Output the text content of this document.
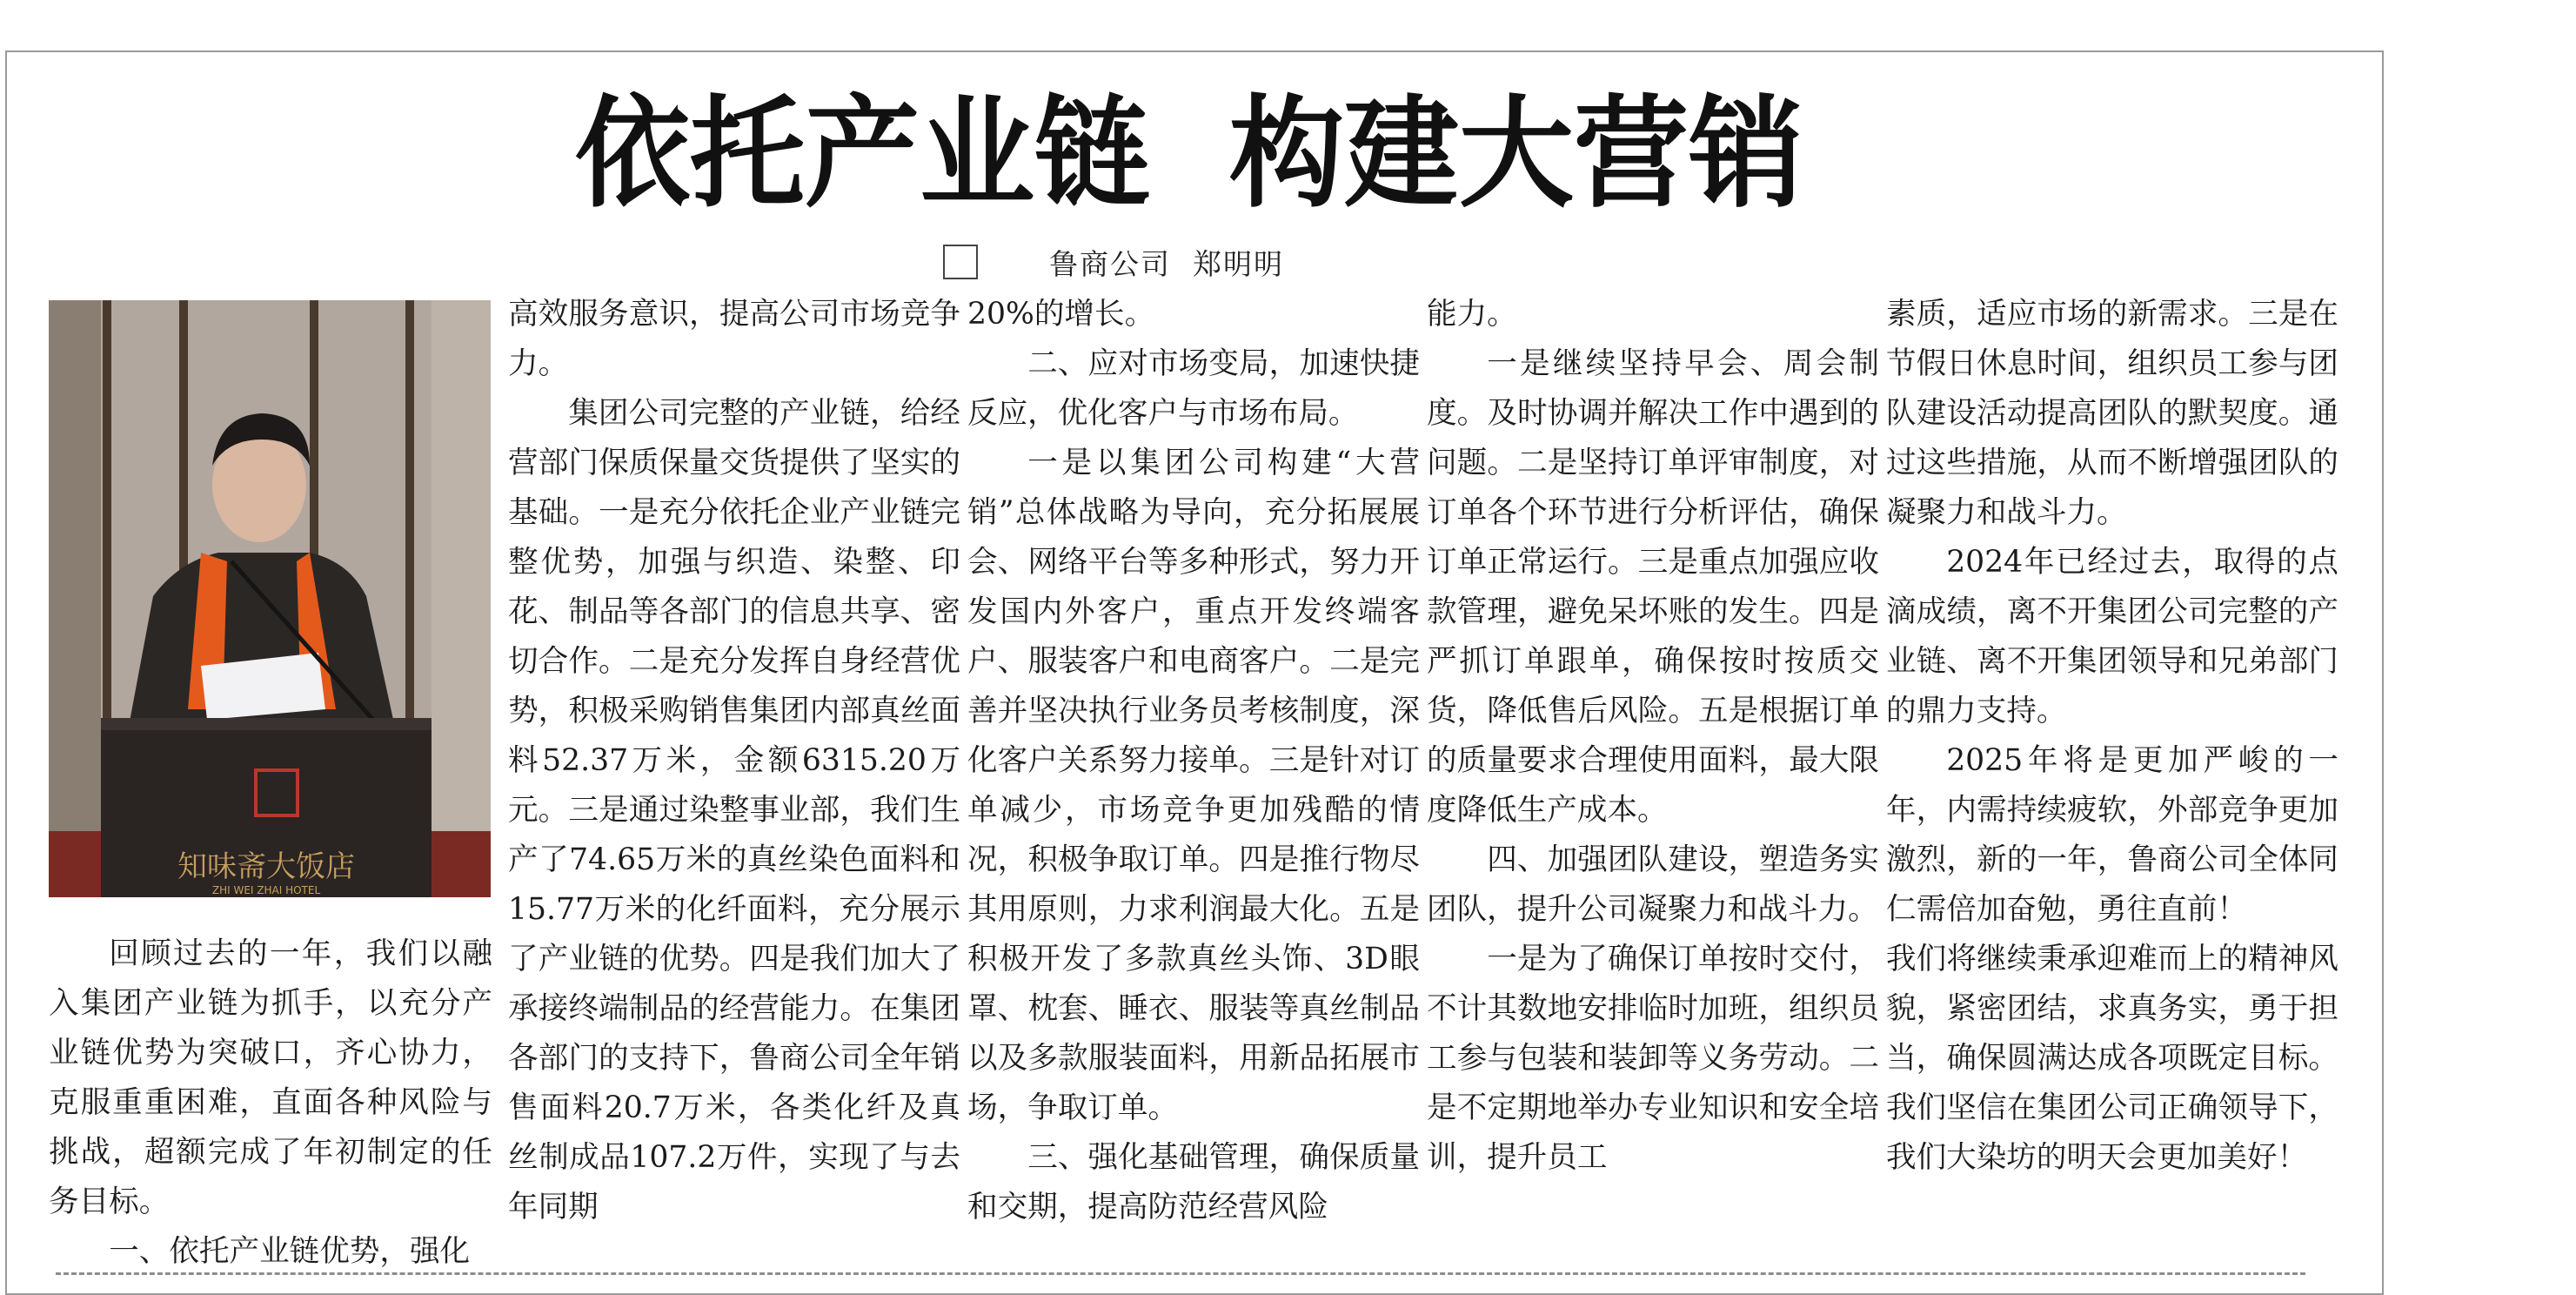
依托产业链  构建大营销
鲁商公司  郑明明
知味斋大饭店
ZHI WEI ZHAI HOTEL

回顾过去的一年，我们以融入集团产业链为抓手，以充分产业链优势为突破口，齐心协力，克服重重困难，直面各种风险与挑战，超额完成了年初制定的任务目标。

一、依托产业链优势，强化

高效服务意识，提高公司市场竞争力。

集团公司完整的产业链，给经营部门保质保量交货提供了坚实的基础。一是充分依托企业产业链完整优势，加强与织造、染整、印花、制品等各部门的信息共享、密切合作。二是充分发挥自身经营优势，积极采购销售集团内部真丝面料52.37万米，金额6315.20万元。三是通过染整事业部，我们生产了74.65万米的真丝染色面料和15.77万米的化纤面料，充分展示了产业链的优势。四是我们加大了承接终端制品的经营能力。在集团各部门的支持下，鲁商公司全年销售面料20.7万米，各类化纤及真丝制成品107.2万件，实现了与去年同期

20%的增长。

二、应对市场变局，加速快捷反应，优化客户与市场布局。

一是以集团公司构建“大营销”总体战略为导向，充分拓展展会、网络平台等多种形式，努力开发国内外客户，重点开发终端客户、服装客户和电商客户。二是完善并坚决执行业务员考核制度，深化客户关系努力接单。三是针对订单减少，市场竞争更加残酷的情况，积极争取订单。四是推行物尽其用原则，力求利润最大化。五是积极开发了多款真丝头饰、3D眼罩、枕套、睡衣、服装等真丝制品以及多款服装面料，用新品拓展市场，争取订单。

三、强化基础管理，确保质量和交期，提高防范经营风险

能力。

一是继续坚持早会、周会制度。及时协调并解决工作中遇到的问题。二是坚持订单评审制度，对订单各个环节进行分析评估，确保订单正常运行。三是重点加强应收款管理，避免呆坏账的发生。四是严抓订单跟单，确保按时按质交货，降低售后风险。五是根据订单的质量要求合理使用面料，最大限度降低生产成本。

四、加强团队建设，塑造务实团队，提升公司凝聚力和战斗力。

一是为了确保订单按时交付，不计其数地安排临时加班，组织员工参与包装和装卸等义务劳动。二是不定期地举办专业知识和安全培训，提升员工

素质，适应市场的新需求。三是在节假日休息时间，组织员工参与团队建设活动提高团队的默契度。通过这些措施，从而不断增强团队的凝聚力和战斗力。

2024年已经过去，取得的点滴成绩，离不开集团公司完整的产业链、离不开集团领导和兄弟部门的鼎力支持。

2025年将是更加严峻的一年，内需持续疲软，外部竞争更加激烈，新的一年，鲁商公司全体同仁需倍加奋勉，勇往直前！

我们将继续秉承迎难而上的精神风貌，紧密团结，求真务实，勇于担当，确保圆满达成各项既定目标。我们坚信在集团公司正确领导下，我们大染坊的明天会更加美好！
